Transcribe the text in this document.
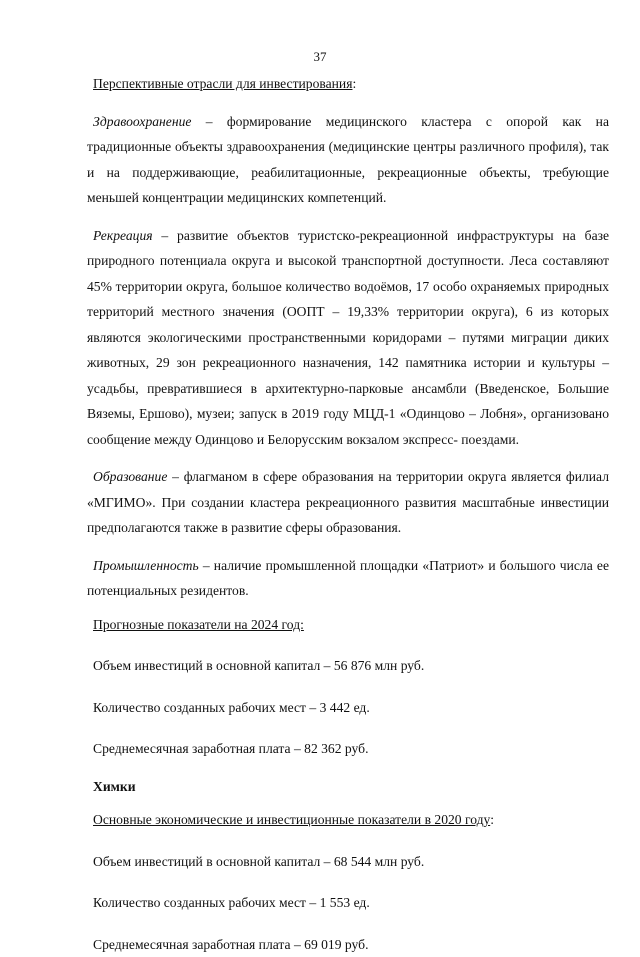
37

Перспективные отрасли для инвестирования:

Здравоохранение – формирование медицинского кластера с опорой как на традиционные объекты здравоохранения (медицинские центры различного профиля), так и на поддерживающие, реабилитационные, рекреационные объекты, требующие меньшей концентрации медицинских компетенций.

Рекреация – развитие объектов туристско-рекреационной инфраструктуры на базе природного потенциала округа и высокой транспортной доступности. Леса составляют 45% территории округа, большое количество водоёмов, 17 особо охраняемых природных территорий местного значения (ООПТ – 19,33% территории округа), 6 из которых являются экологическими пространственными коридорами – путями миграции диких животных, 29 зон рекреационного назначения, 142 памятника истории и культуры – усадьбы, превратившиеся в архитектурно-парковые ансамбли (Введенское, Большие Вяземы, Ершово), музеи; запуск в 2019 году МЦД-1 «Одинцово – Лобня», организовано сообщение между Одинцово и Белорусским вокзалом экспресс- поездами.

Образование – флагманом в сфере образования на территории округа является филиал «МГИМО». При создании кластера рекреационного развития масштабные инвестиции предполагаются также в развитие сферы образования.

Промышленность – наличие промышленной площадки «Патриот» и большого числа ее потенциальных резидентов.

Прогнозные показатели на 2024 год:

Объем инвестиций в основной капитал – 56 876 млн руб.

Количество созданных рабочих мест – 3 442 ед.

Среднемесячная заработная плата – 82 362 руб.

Химки

Основные экономические и инвестиционные показатели в 2020 году:

Объем инвестиций в основной капитал – 68 544 млн руб.

Количество созданных рабочих мест – 1 553 ед.

Среднемесячная заработная плата – 69 019 руб.
